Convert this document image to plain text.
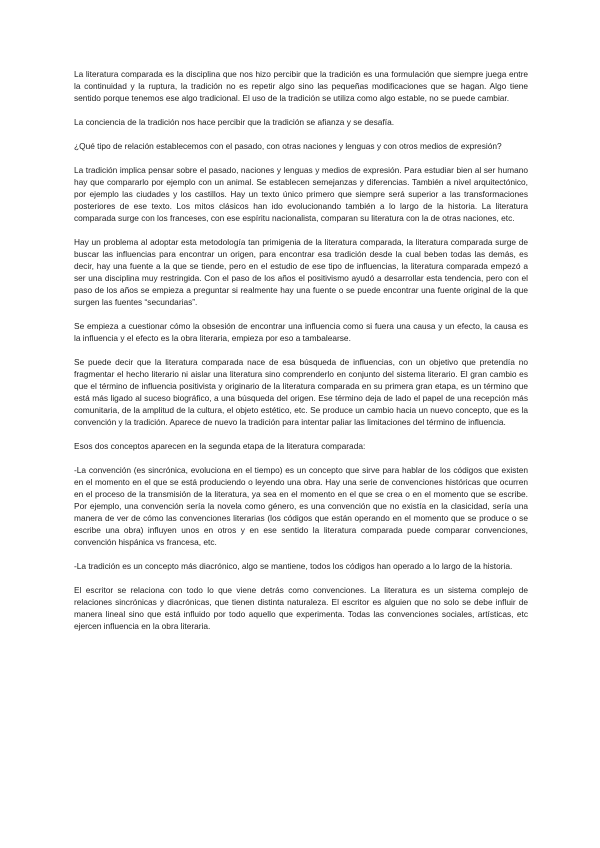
La literatura comparada es la disciplina que nos hizo percibir que la tradición es una formulación que siempre juega entre la continuidad y la ruptura, la tradición no es repetir algo sino las pequeñas modificaciones que se hagan. Algo tiene sentido porque tenemos ese algo tradicional. El uso de la tradición se utiliza como algo estable, no se puede cambiar.

La conciencia de la tradición nos hace percibir que la tradición se afianza y se desafía.

¿Qué tipo de relación establecemos con el pasado, con otras naciones y lenguas y con otros medios de expresión?

La tradición implica pensar sobre el pasado, naciones y lenguas y medios de expresión. Para estudiar bien al ser humano hay que compararlo por ejemplo con un animal. Se establecen semejanzas y diferencias. También a nivel arquitectónico, por ejemplo las ciudades y los castillos. Hay un texto único primero que siempre será superior a las transformaciones posteriores de ese texto. Los mitos clásicos han ido evolucionando también a lo largo de la historia. La literatura comparada surge con los franceses, con ese espíritu nacionalista, comparan su literatura con la de otras naciones, etc.

Hay un problema al adoptar esta metodología tan primigenia de la literatura comparada, la literatura comparada surge de buscar las influencias para encontrar un origen, para encontrar esa tradición desde la cual beben todas las demás, es decir, hay una fuente a la que se tiende, pero en el estudio de ese tipo de influencias, la literatura comparada empezó a ser una disciplina muy restringida. Con el paso de los años el positivismo ayudó a desarrollar esta tendencia, pero con el paso de los años se empieza a preguntar si realmente hay una fuente o se puede encontrar una fuente original de la que surgen las fuentes “secundarias”.

Se empieza a cuestionar cómo la obsesión de encontrar una influencia como si fuera una causa y un efecto, la causa es la influencia y el efecto es la obra literaria, empieza por eso a tambalearse.

Se puede decir que la literatura comparada nace de esa búsqueda de influencias, con un objetivo que pretendía no fragmentar el hecho literario ni aislar una literatura sino comprenderlo en conjunto del sistema literario. El gran cambio es que el término de influencia positivista y originario de la literatura comparada en su primera gran etapa, es un término que está más ligado al suceso biográfico, a una búsqueda del origen. Ese término deja de lado el papel de una recepción más comunitaria, de la amplitud de la cultura, el objeto estético, etc. Se produce un cambio hacia un nuevo concepto, que es la convención y la tradición. Aparece de nuevo la tradición para intentar paliar las limitaciones del término de influencia.

Esos dos conceptos aparecen en la segunda etapa de la literatura comparada:

-La convención (es sincrónica, evoluciona en el tiempo) es un concepto que sirve para hablar de los códigos que existen en el momento en el que se está produciendo o leyendo una obra. Hay una serie de convenciones históricas que ocurren en el proceso de la transmisión de la literatura, ya sea en el momento en el que se crea o en el momento que se escribe. Por ejemplo, una convención sería la novela como género, es una convención que no existía en la clasicidad, sería una manera de ver de cómo las convenciones literarias (los códigos que están operando en el momento que se produce o se escribe una obra) influyen unos en otros y en ese sentido la literatura comparada puede comparar convenciones, convención hispánica vs francesa, etc.

-La tradición es un concepto más diacrónico, algo se mantiene, todos los códigos han operado a lo largo de la historia.

El escritor se relaciona con todo lo que viene detrás como convenciones. La literatura es un sistema complejo de relaciones sincrónicas y diacrónicas, que tienen distinta naturaleza. El escritor es alguien que no solo se debe influir de manera lineal sino que está influido por todo aquello que experimenta. Todas las convenciones sociales, artísticas, etc ejercen influencia en la obra literaria.
